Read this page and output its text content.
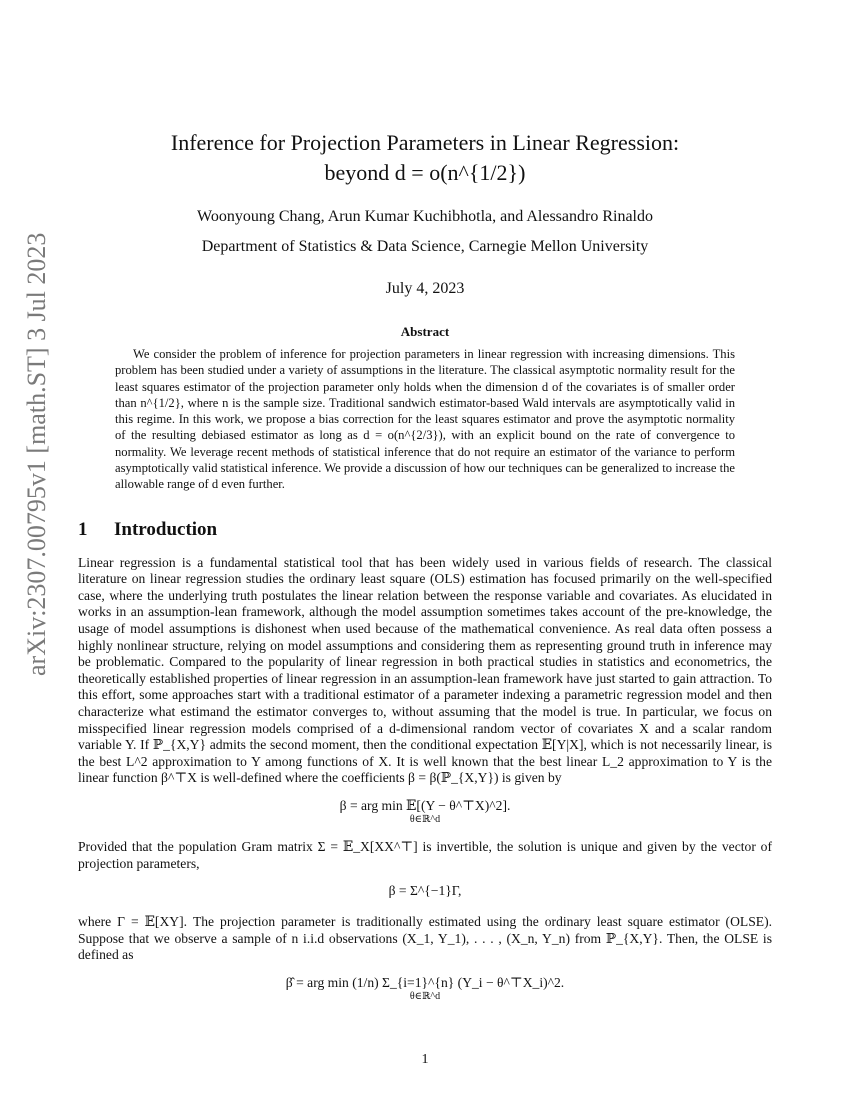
arXiv:2307.00795v1 [math.ST] 3 Jul 2023
Inference for Projection Parameters in Linear Regression:
beyond d = o(n^{1/2})
Woonyoung Chang, Arun Kumar Kuchibhotla, and Alessandro Rinaldo
Department of Statistics & Data Science, Carnegie Mellon University
July 4, 2023
Abstract
We consider the problem of inference for projection parameters in linear regression with increasing dimensions. This problem has been studied under a variety of assumptions in the literature. The classical asymptotic normality result for the least squares estimator of the projection parameter only holds when the dimension d of the covariates is of smaller order than n^{1/2}, where n is the sample size. Traditional sandwich estimator-based Wald intervals are asymptotically valid in this regime. In this work, we propose a bias correction for the least squares estimator and prove the asymptotic normality of the resulting debiased estimator as long as d = o(n^{2/3}), with an explicit bound on the rate of convergence to normality. We leverage recent methods of statistical inference that do not require an estimator of the variance to perform asymptotically valid statistical inference. We provide a discussion of how our techniques can be generalized to increase the allowable range of d even further.
1 Introduction
Linear regression is a fundamental statistical tool that has been widely used in various fields of research. The classical literature on linear regression studies the ordinary least square (OLS) estimation has focused primarily on the well-specified case, where the underlying truth postulates the linear relation between the response variable and covariates. As elucidated in works in an assumption-lean framework, although the model assumption sometimes takes account of the pre-knowledge, the usage of model assumptions is dishonest when used because of the mathematical convenience. As real data often possess a highly nonlinear structure, relying on model assumptions and considering them as representing ground truth in inference may be problematic. Compared to the popularity of linear regression in both practical studies in statistics and econometrics, the theoretically established properties of linear regression in an assumption-lean framework have just started to gain attraction. To this effort, some approaches start with a traditional estimator of a parameter indexing a parametric regression model and then characterize what estimand the estimator converges to, without assuming that the model is true. In particular, we focus on misspecified linear regression models comprised of a d-dimensional random vector of covariates X and a scalar random variable Y. If ℙ_{X,Y} admits the second moment, then the conditional expectation 𝔼[Y|X], which is not necessarily linear, is the best L^2 approximation to Y among functions of X. It is well known that the best linear L_2 approximation to Y is the linear function β^⊤X is well-defined where the coefficients β = β(ℙ_{X,Y}) is given by
β = arg min 𝔼[(Y − θ^⊤X)^2].
θ∈ℝ^d
Provided that the population Gram matrix Σ = 𝔼_X[XX^⊤] is invertible, the solution is unique and given by the vector of projection parameters,
β = Σ^{−1}Γ,
where Γ = 𝔼[XY]. The projection parameter is traditionally estimated using the ordinary least square estimator (OLSE). Suppose that we observe a sample of n i.i.d observations (X_1, Y_1), . . . , (X_n, Y_n) from ℙ_{X,Y}. Then, the OLSE is defined as
β̂ = arg min (1/n) Σ_{i=1}^{n} (Y_i − θ^⊤X_i)^2.
θ∈ℝ^d
1
